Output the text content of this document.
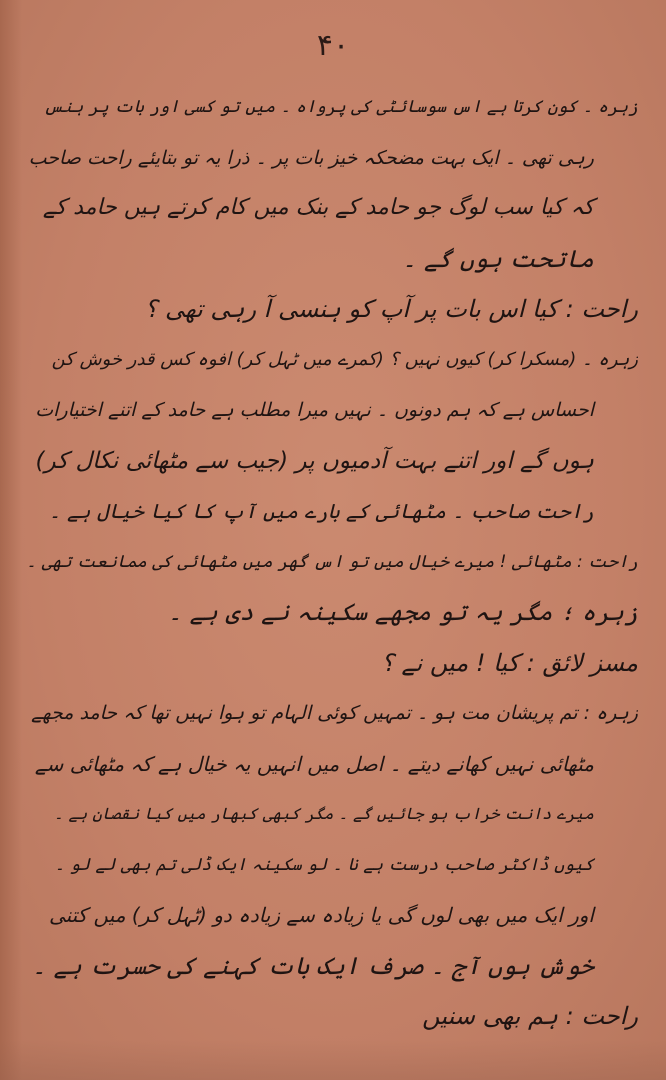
۴۰
زہرہ ۔ کون کرتا ہے اس سوسائٹی کی پرواہ ۔ میں تو کسی اور بات پر ہنس
رہی تھی ۔ ایک بہت مضحکہ خیز بات پر ۔ ذرا یہ تو بتایئے راحت صاحب
کہ کیا سب لوگ جو حامد کے بنک میں کام کرتے ہیں حامد کے
ماتحت ہوں گے ۔
راحت : کیا اس بات پر آپ کو ہنسی آ رہی تھی ؟
زہرہ ۔ (مسکرا کر) کیوں نہیں ؟ (کمرے میں ٹہل کر) افوہ کس قدر خوش کن
احساس ہے کہ ہم دونوں ۔ نہیں میرا مطلب ہے حامد کے اتنے اختیارات
ہوں گے اور اتنے بہت آدمیوں پر (جیب سے مٹھائی نکال کر)
راحت صاحب ۔ مٹھائی کے بارے میں آپ کا کیا خیال ہے ۔
راحت : مٹھائی ! میرے خیال میں تو اس گھر میں مٹھائی کی ممانعت تھی ۔
زہرہ ؛ مگر یہ تو مجھے سکینہ نے دی ہے ۔
مسز لائق : کیا ! میں نے ؟
زہرہ : تم پریشان مت ہو ۔ تمہیں کوئی الہام تو ہوا نہیں تھا کہ حامد مجھے
مٹھائی نہیں کھانے دیتے ۔ اصل میں انہیں یہ خیال ہے کہ مٹھائی سے
میرے دانت خراب ہو جائیں گے ۔ مگر کبھی کبھار میں کیا نقصان ہے ۔
کیوں ڈاکٹر صاحب درست ہے نا ۔ لو سکینہ ایک ڈلی تم بھی لے لو ۔
اور ایک میں بھی لوں گی یا زیادہ سے زیادہ دو (ٹہل کر) میں کتنی
خوش ہوں آج ۔ صرف ایک بات کہنے کی حسرت ہے ۔
راحت : ہم بھی سنیں
